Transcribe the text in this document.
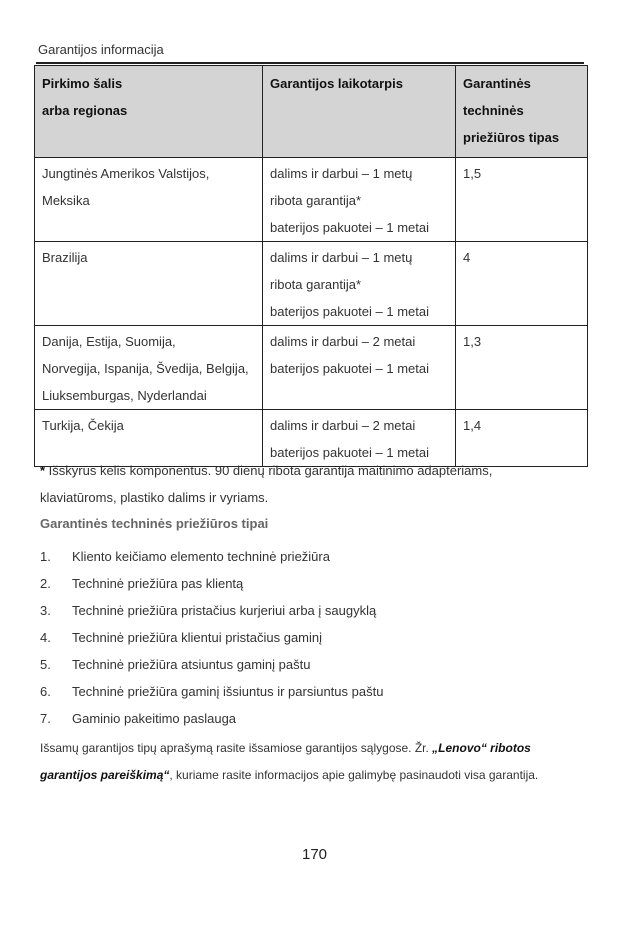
Garantijos informacija
Pirkimo šalis
arba regionas	Garantijos laikotarpis	Garantinės
techninės
priežiūros tipas

Jungtinės Amerikos Valstijos,
Meksika	dalims ir darbui – 1 metų
ribota garantija*
baterijos pakuotei – 1 metai	1,5

Brazilija	dalims ir darbui – 1 metų
ribota garantija*
baterijos pakuotei – 1 metai	4

Danija, Estija, Suomija,
Norvegija, Ispanija, Švedija, Belgija,
Liuksemburgas, Nyderlandai	dalims ir darbui – 2 metai
baterijos pakuotei – 1 metai	1,3

Turkija, Čekija	dalims ir darbui – 2 metai
baterijos pakuotei – 1 metai	1,4
* Išskyrus kelis komponentus. 90 dienų ribota garantija maitinimo adapteriams,
klaviatūroms, plastiko dalims ir vyriams.
Garantinės techninės priežiūros tipai
1. Kliento keičiamo elemento techninė priežiūra
2. Techninė priežiūra pas klientą
3. Techninė priežiūra pristačius kurjeriui arba į saugyklą
4. Techninė priežiūra klientui pristačius gaminį
5. Techninė priežiūra atsiuntus gaminį paštu
6. Techninė priežiūra gaminį išsiuntus ir parsiuntus paštu
7. Gaminio pakeitimo paslauga
Išsamų garantijos tipų aprašymą rasite išsamiose garantijos sąlygose. Žr. „Lenovo“ ribotos
garantijos pareiškimą“, kuriame rasite informacijos apie galimybę pasinaudoti visa garantija.
170
